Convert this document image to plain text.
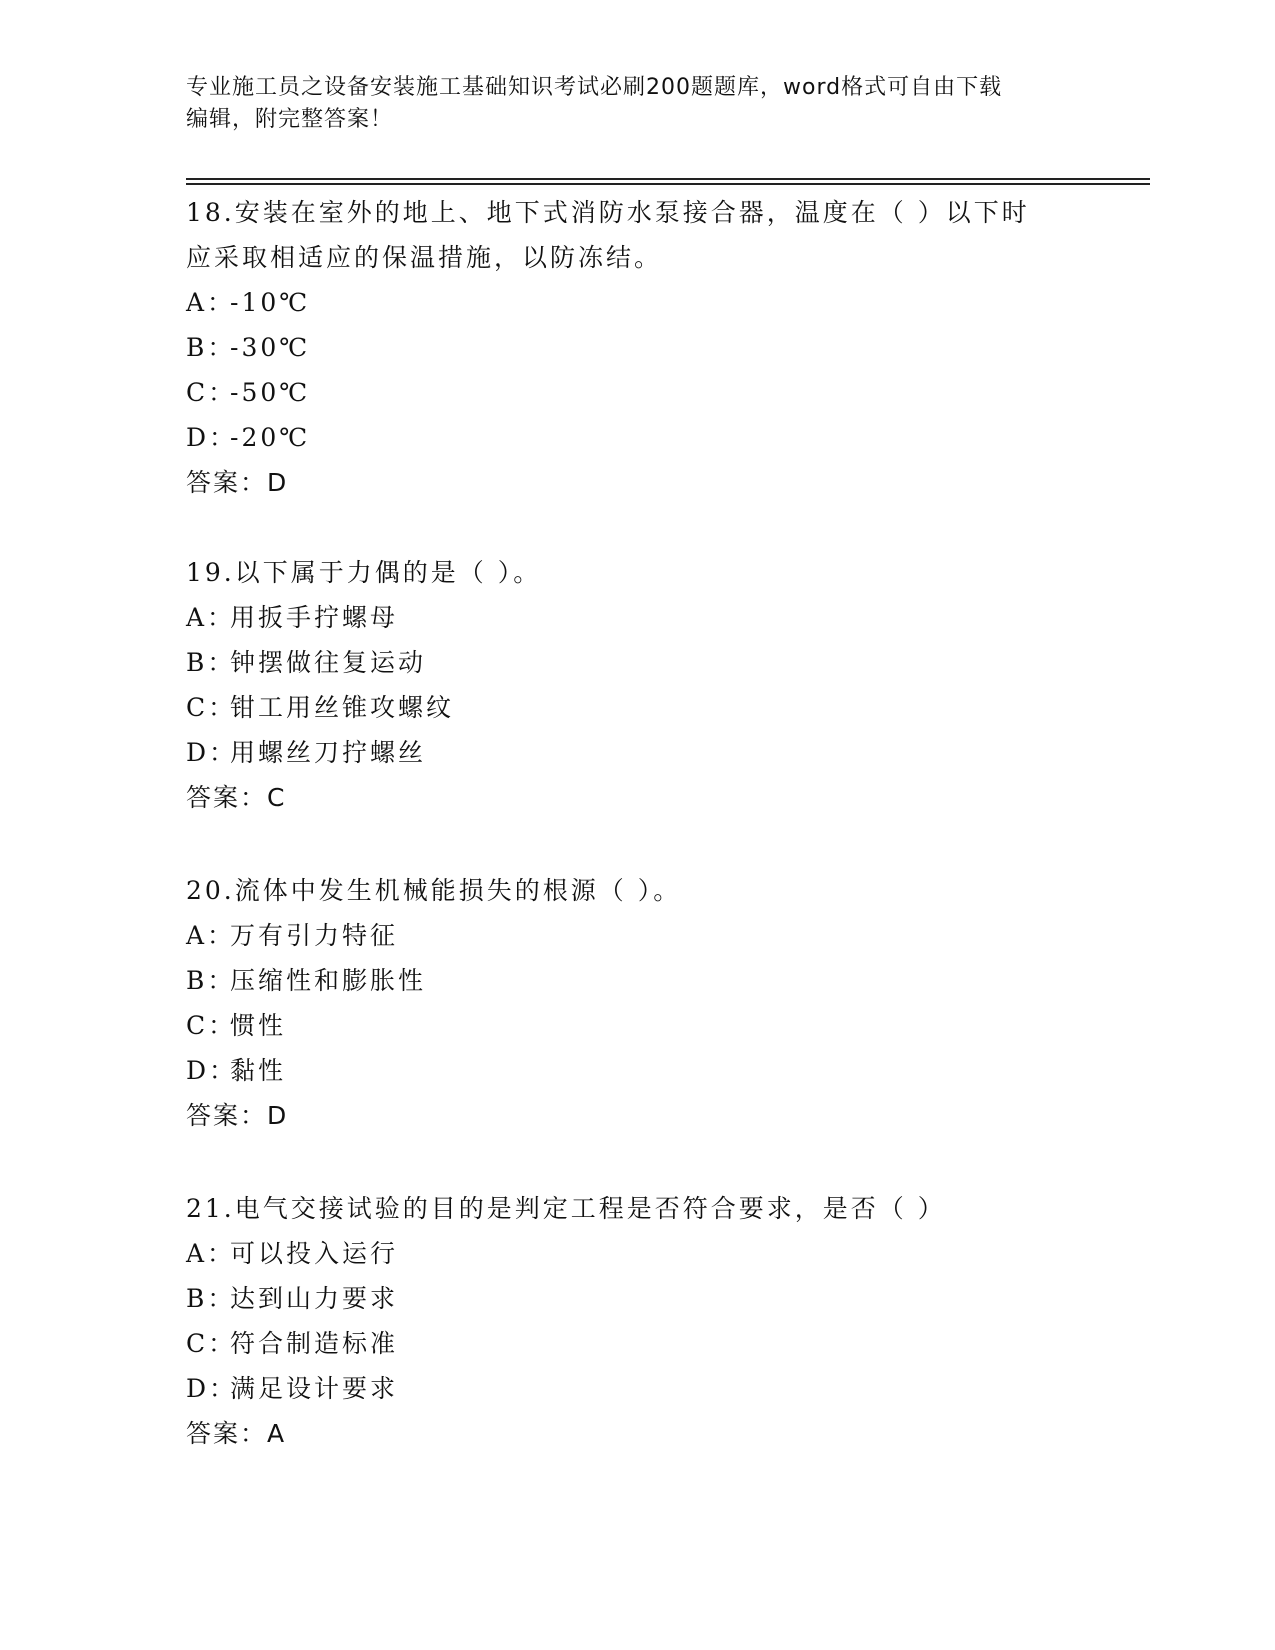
专业施工员之设备安装施工基础知识考试必刷200题题库，word格式可自由下载
编辑，附完整答案！
18.安装在室外的地上、地下式消防水泵接合器，温度在（ ）以下时
应采取相适应的保温措施，以防冻结。
A：
-10℃
B：
-30℃
C：
-50℃
D：
-20℃
答案：D
19.以下属于力偶的是（ ）。
A：
用扳手拧螺母
B：
钟摆做往复运动
C：
钳工用丝锥攻螺纹
D：
用螺丝刀拧螺丝
答案：C
20.流体中发生机械能损失的根源（ ）。
A：
万有引力特征
B：
压缩性和膨胀性
C：
惯性
D：
黏性
答案：D
21.电气交接试验的目的是判定工程是否符合要求，是否（ ）
A：
可以投入运行
B：
达到山力要求
C：
符合制造标准
D：
满足设计要求
答案：A
